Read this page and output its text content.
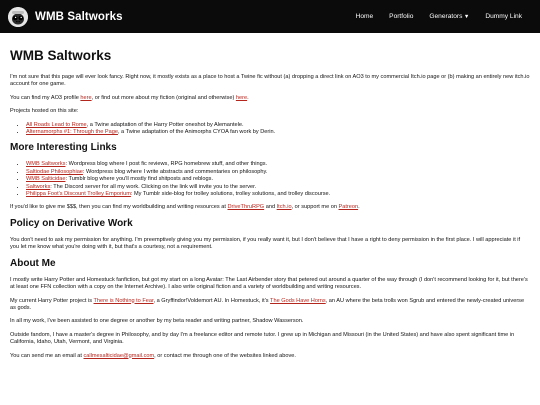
WMB Saltworks	Home	Portfolio	Generators ▼	Dummy Link
WMB Saltworks

I'm not sure that this page will ever look fancy. Right now, it mostly exists as a place to host a Twine fic without (a) dropping a direct link on AO3 to my commercial Itch.io page or (b) making an entirely new itch.io account for one game.

You can find my AO3 profile here, or find out more about my fiction (original and otherwise) here.

Projects hosted on this site:

• All Roads Lead to Rome, a Twine adaptation of the Harry Potter oneshot by Alemantele.
• Alternamorphs #1: Through the Page, a Twine adaptation of the Animorphs CYOA fan work by Derin.
More Interesting Links
• WMB Saltworks: Wordpress blog where I post fic reviews, RPG homebrew stuff, and other things.
• Saltiodae Philosophiae: Wordpress blog where I write abstracts and commentaries on philosophy.
• WMB Salticidae: Tumblr blog where you'll mostly find shitposts and reblogs.
• Saltworks: The Discord server for all my work. Clicking on the link will invite you to the server.
• Philippa Foot's Discount Trolley Emporium: My Tumblr side-blog for trolley solutions, trolley solutions, and trolley discourse.

If you'd like to give me $$$, then you can find my worldbuilding and writing resources at DriveThruRPG and Itch.io, or support me on Patreon.

Policy on Derivative Work

You don't need to ask my permission for anything. I'm preemptively giving you my permission, if you really want it, but I don't believe that I have a right to deny permission in the first place. I will appreciate it if you let me know what you're doing with it, but that's a courtesy, not a requirement.

About Me

I mostly write Harry Potter and Homestuck fanfiction, but got my start on a long Avatar: The Last Airbender story that petered out around a quarter of the way through (I don't recommend looking for it, but there's at least one FFN collection with a copy on the Internet Archive). I also write original fiction and a variety of worldbuilding and writing resources.

My current Harry Potter project is There is Nothing to Fear, a Gryffindor!Voldemort AU. In Homestuck, it's The Gods Have Horns, an AU where the beta trolls won Sgrub and entered the newly-created universe as gods.

In all my work, I've been assisted to one degree or another by my beta reader and writing partner, Shadow Wasserson.

Outside fandom, I have a master's degree in Philosophy, and by day I'm a freelance editor and remote tutor. I grew up in Michigan and Missouri (in the United States) and have also spent significant time in California, Idaho, Utah, Vermont, and Virginia.

You can send me an email at callmesalticidae@gmail.com, or contact me through one of the websites linked above.
